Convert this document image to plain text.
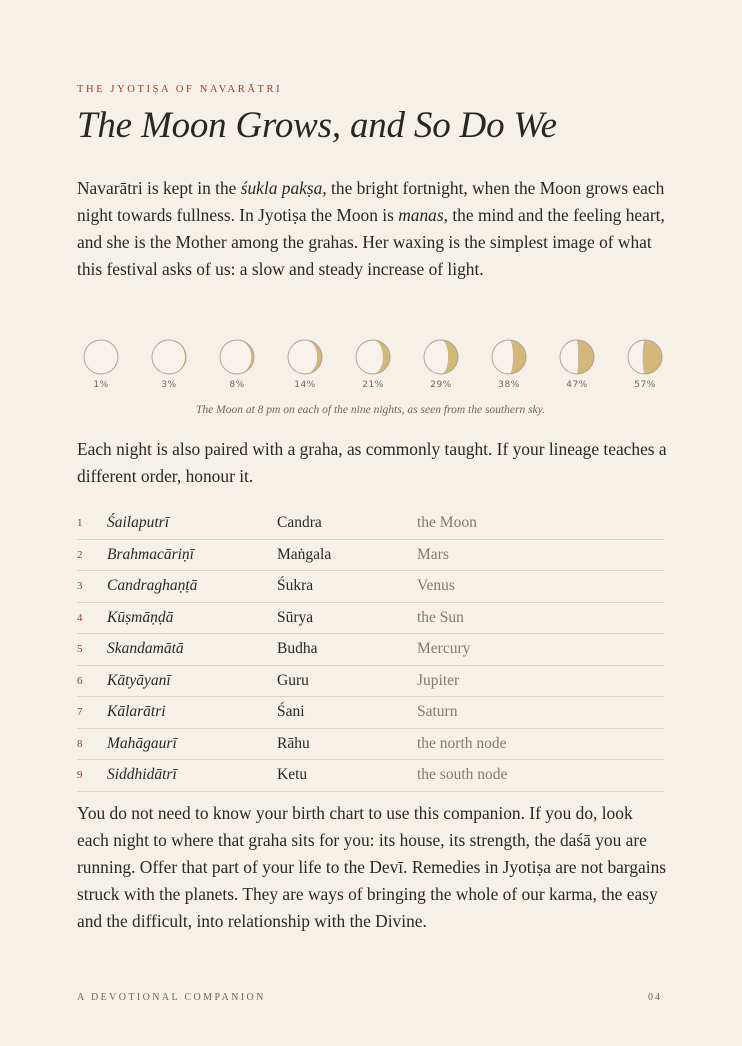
THE JYOTIṢA OF NAVARĀTRI
The Moon Grows, and So Do We

Navarātri is kept in the śukla pakṣa, the bright fortnight, when the Moon grows each night towards fullness. In Jyotiṣa the Moon is manas, the mind and the feeling heart, and she is the Mother among the grahas. Her waxing is the simplest image of what this festival asks of us: a slow and steady increase of light.

1%	3%	8%	14%	21%	29%	38%	47%	57%
The Moon at 8 pm on each of the nine nights, as seen from the southern sky.

Each night is also paired with a graha, as commonly taught. If your lineage teaches a different order, honour it.

1	Śailaputrī	Candra	the Moon
2	Brahmacāriṇī	Maṅgala	Mars
3	Candraghaṇṭā	Śukra	Venus
4	Kūṣmāṇḍā	Sūrya	the Sun
5	Skandamātā	Budha	Mercury
6	Kātyāyanī	Guru	Jupiter
7	Kālarātri	Śani	Saturn
8	Mahāgaurī	Rāhu	the north node
9	Siddhidātrī	Ketu	the south node

You do not need to know your birth chart to use this companion. If you do, look each night to where that graha sits for you: its house, its strength, the daśā you are running. Offer that part of your life to the Devī. Remedies in Jyotiṣa are not bargains struck with the planets. They are ways of bringing the whole of our karma, the easy and the difficult, into relationship with the Divine.

A DEVOTIONAL COMPANION	04
